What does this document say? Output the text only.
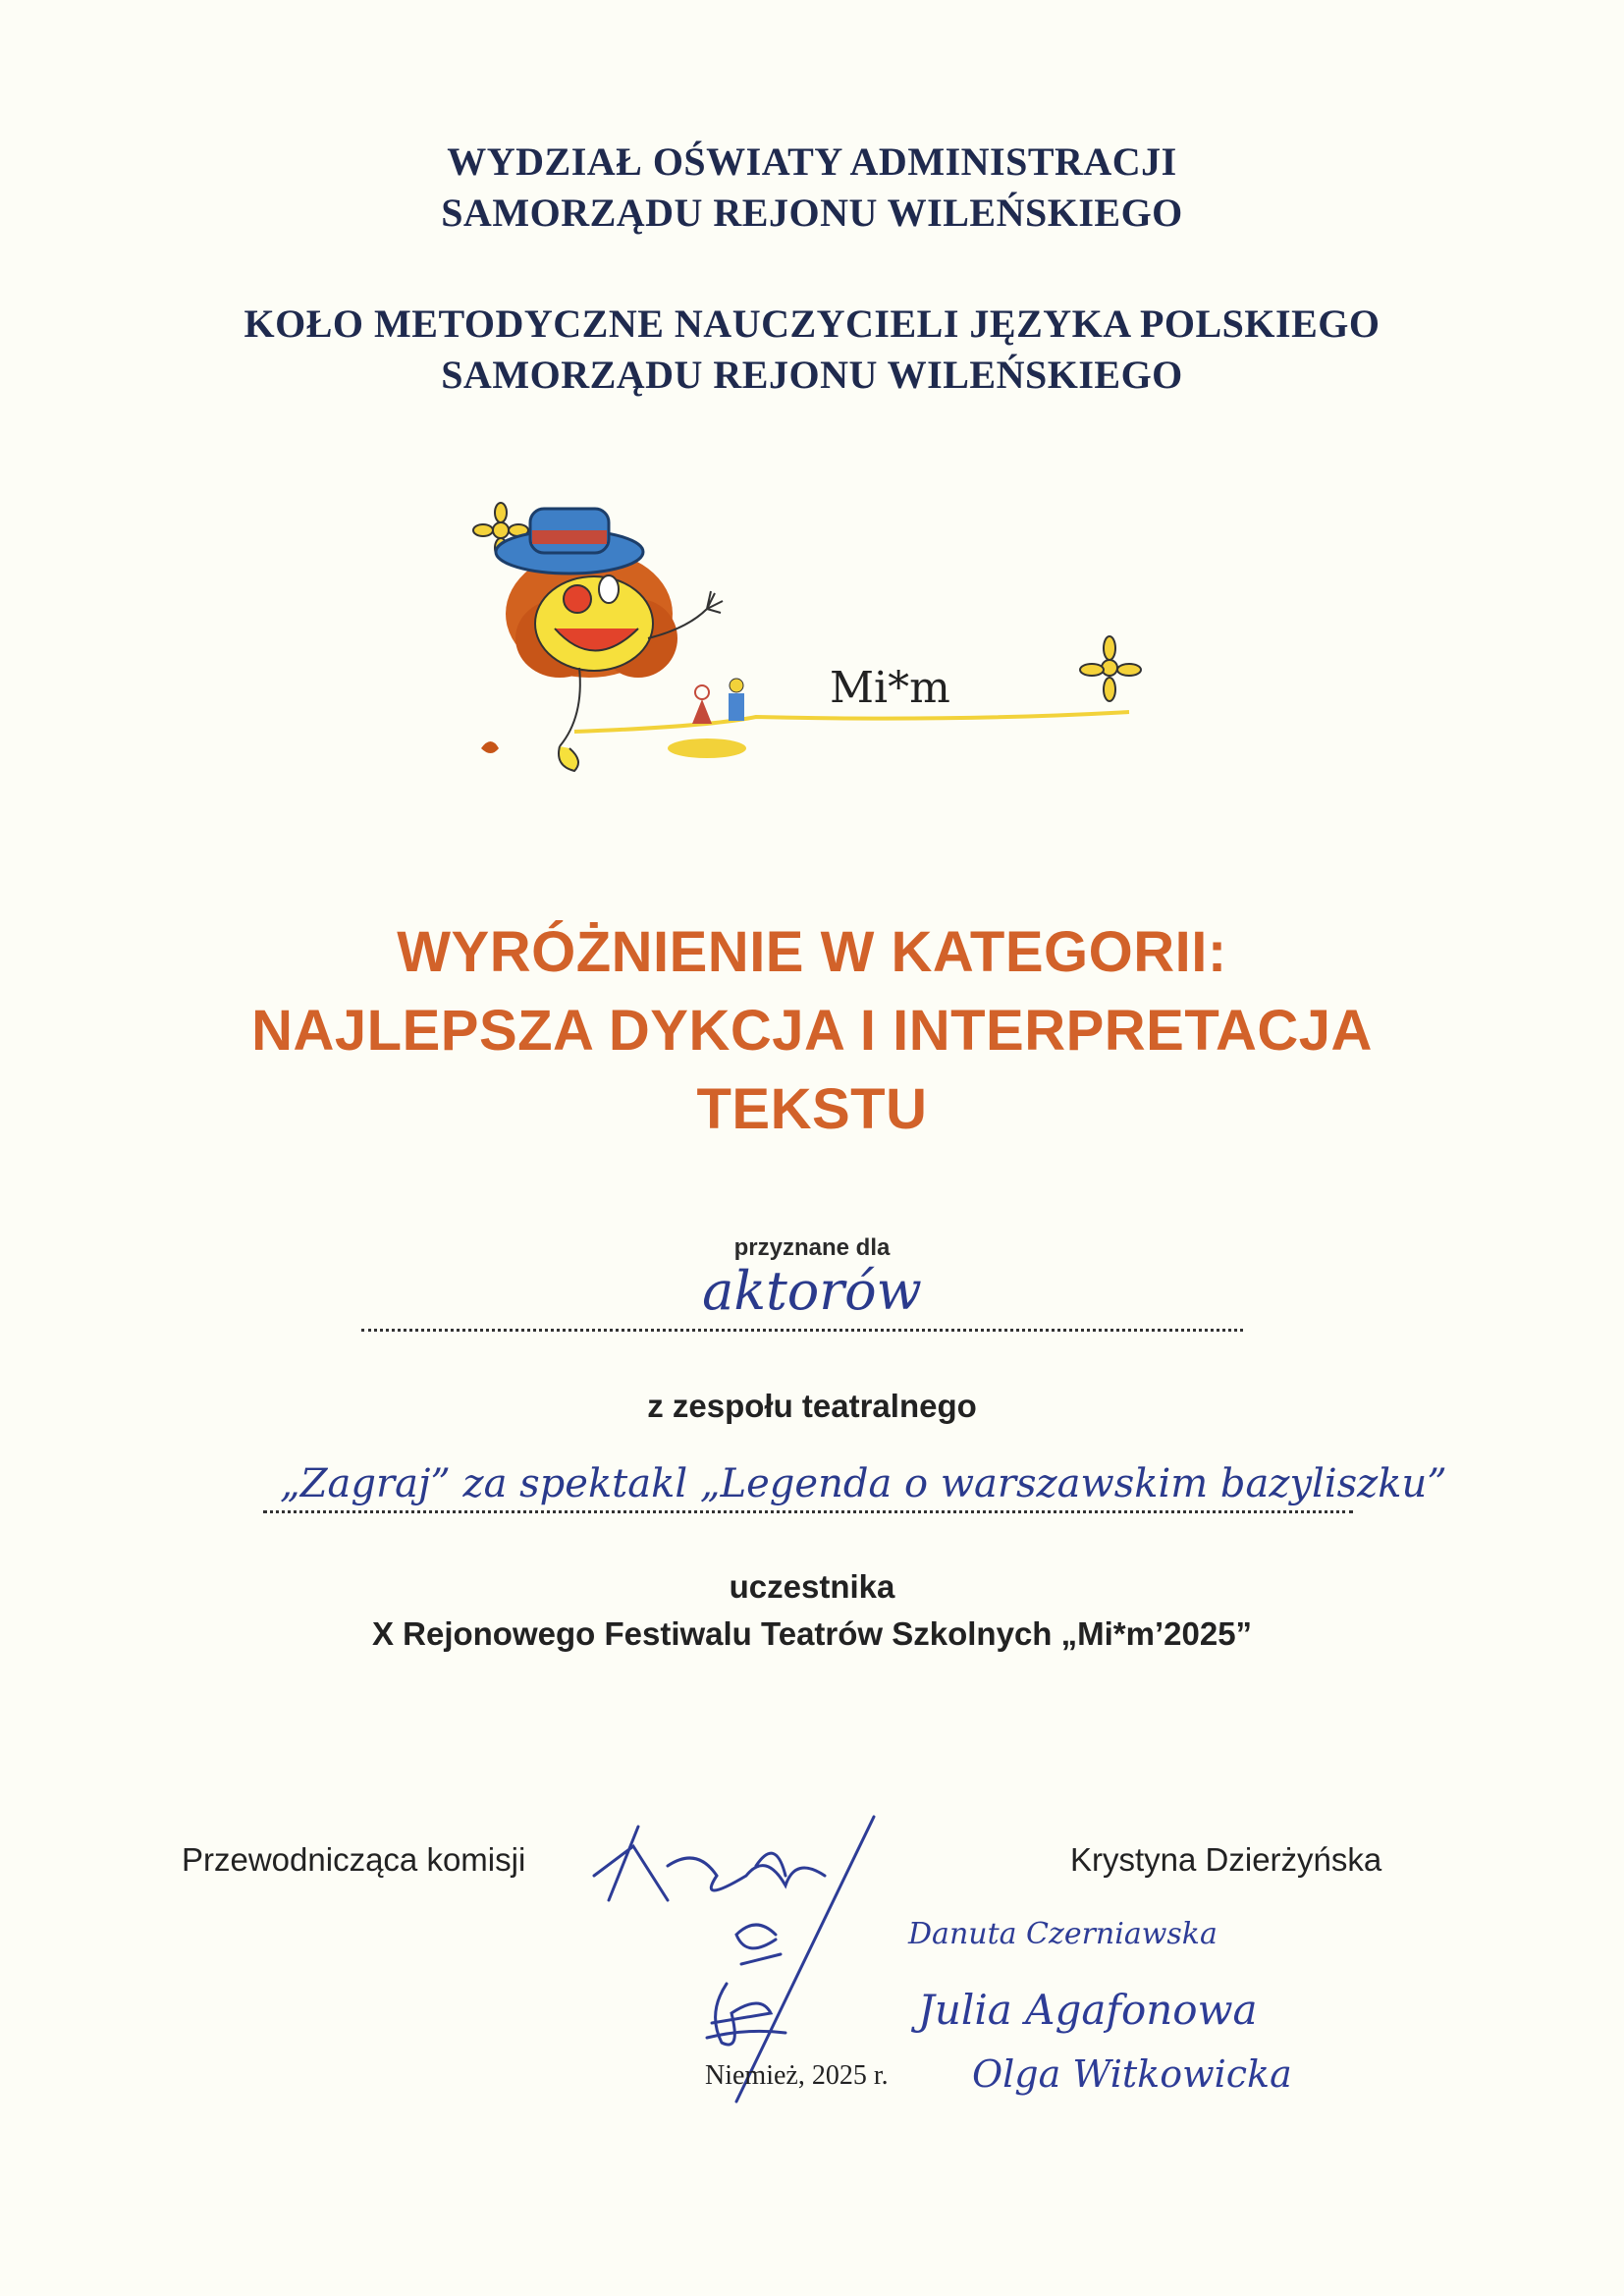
WYDZIAŁ OŚWIATY ADMINISTRACJI
SAMORZĄDU REJONU WILEŃSKIEGO
KOŁO METODYCZNE NAUCZYCIELI JĘZYKA POLSKIEGO
SAMORZĄDU REJONU WILEŃSKIEGO
Mi*m
WYRÓŻNIENIE W KATEGORII:
NAJLEPSZA DYKCJA I INTERPRETACJA
TEKSTU
przyznane dla
aktorów
z zespołu teatralnego
„Zagraj” za spektakl „Legenda o warszawskim bazyliszku”
uczestnika
X Rejonowego Festiwalu Teatrów Szkolnych „Mi*m’2025”
Przewodnicząca komisji	Krystyna Dzierżyńska
Danuta Czerniawska
Julia Agafonowa
Olga Witkowicka
Niemież, 2025 r.
